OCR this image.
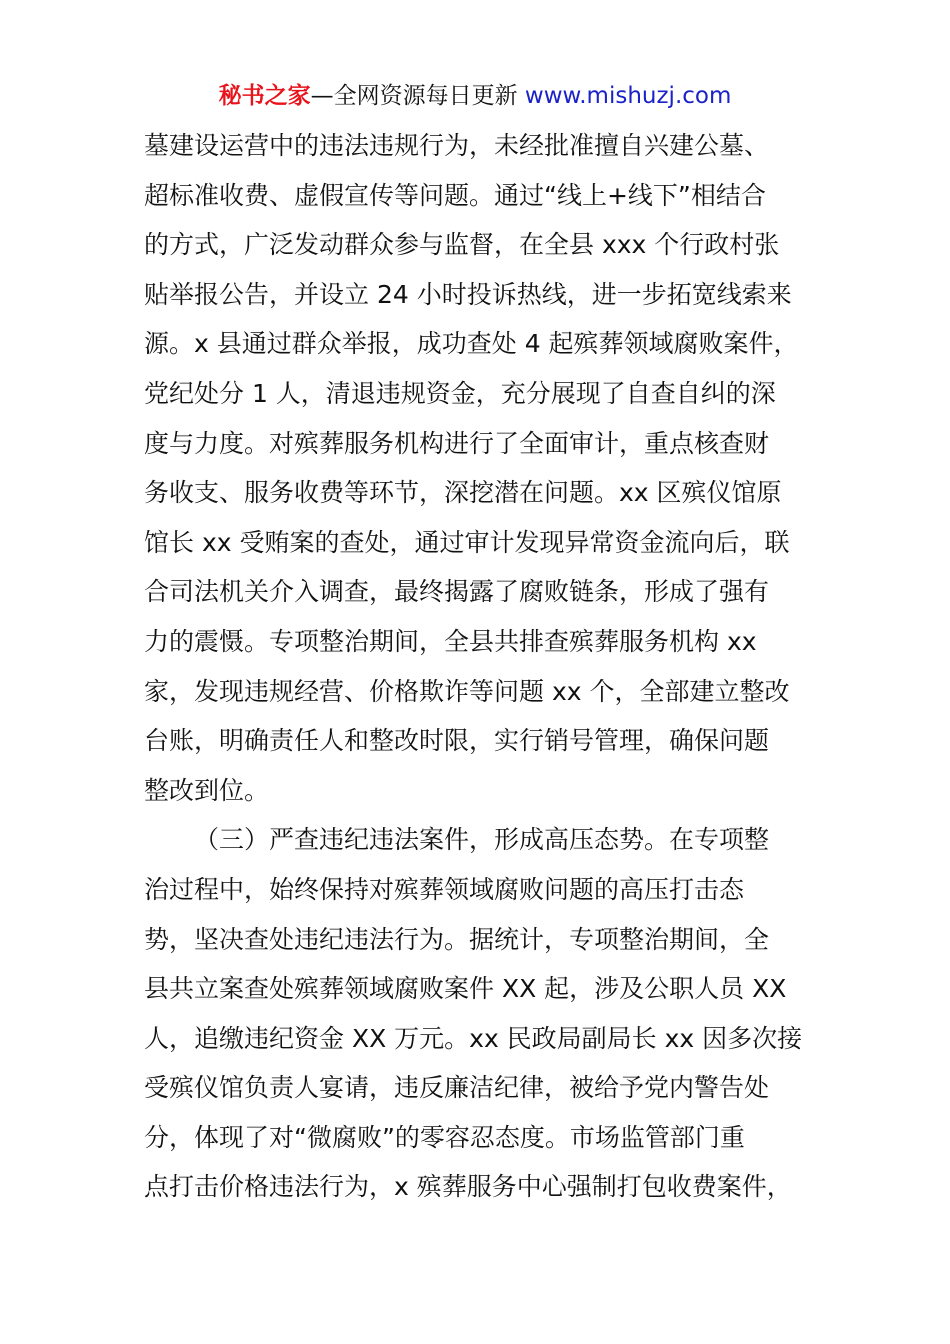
秘书之家—全网资源每日更新 www.mishuzj.com
墓建设运营中的违法违规行为，未经批准擅自兴建公墓、
超标准收费、虚假宣传等问题。通过“线上+线下”相结合
的方式，广泛发动群众参与监督，在全县 xxx 个行政村张
贴举报公告，并设立 24 小时投诉热线，进一步拓宽线索来
源。x 县通过群众举报，成功查处 4 起殡葬领域腐败案件，
党纪处分 1 人，清退违规资金，充分展现了自查自纠的深
度与力度。对殡葬服务机构进行了全面审计，重点核查财
务收支、服务收费等环节，深挖潜在问题。xx 区殡仪馆原
馆长 xx 受贿案的查处，通过审计发现异常资金流向后，联
合司法机关介入调查，最终揭露了腐败链条，形成了强有
力的震慑。专项整治期间，全县共排查殡葬服务机构 xx
家，发现违规经营、价格欺诈等问题 xx 个，全部建立整改
台账，明确责任人和整改时限，实行销号管理，确保问题
整改到位。
（三）严查违纪违法案件，形成高压态势。在专项整
治过程中，始终保持对殡葬领域腐败问题的高压打击态
势，坚决查处违纪违法行为。据统计，专项整治期间，全
县共立案查处殡葬领域腐败案件 XX 起，涉及公职人员 XX
人，追缴违纪资金 XX 万元。xx 民政局副局长 xx 因多次接
受殡仪馆负责人宴请，违反廉洁纪律，被给予党内警告处
分，体现了对“微腐败”的零容忍态度。市场监管部门重
点打击价格违法行为，x 殡葬服务中心强制打包收费案件，
